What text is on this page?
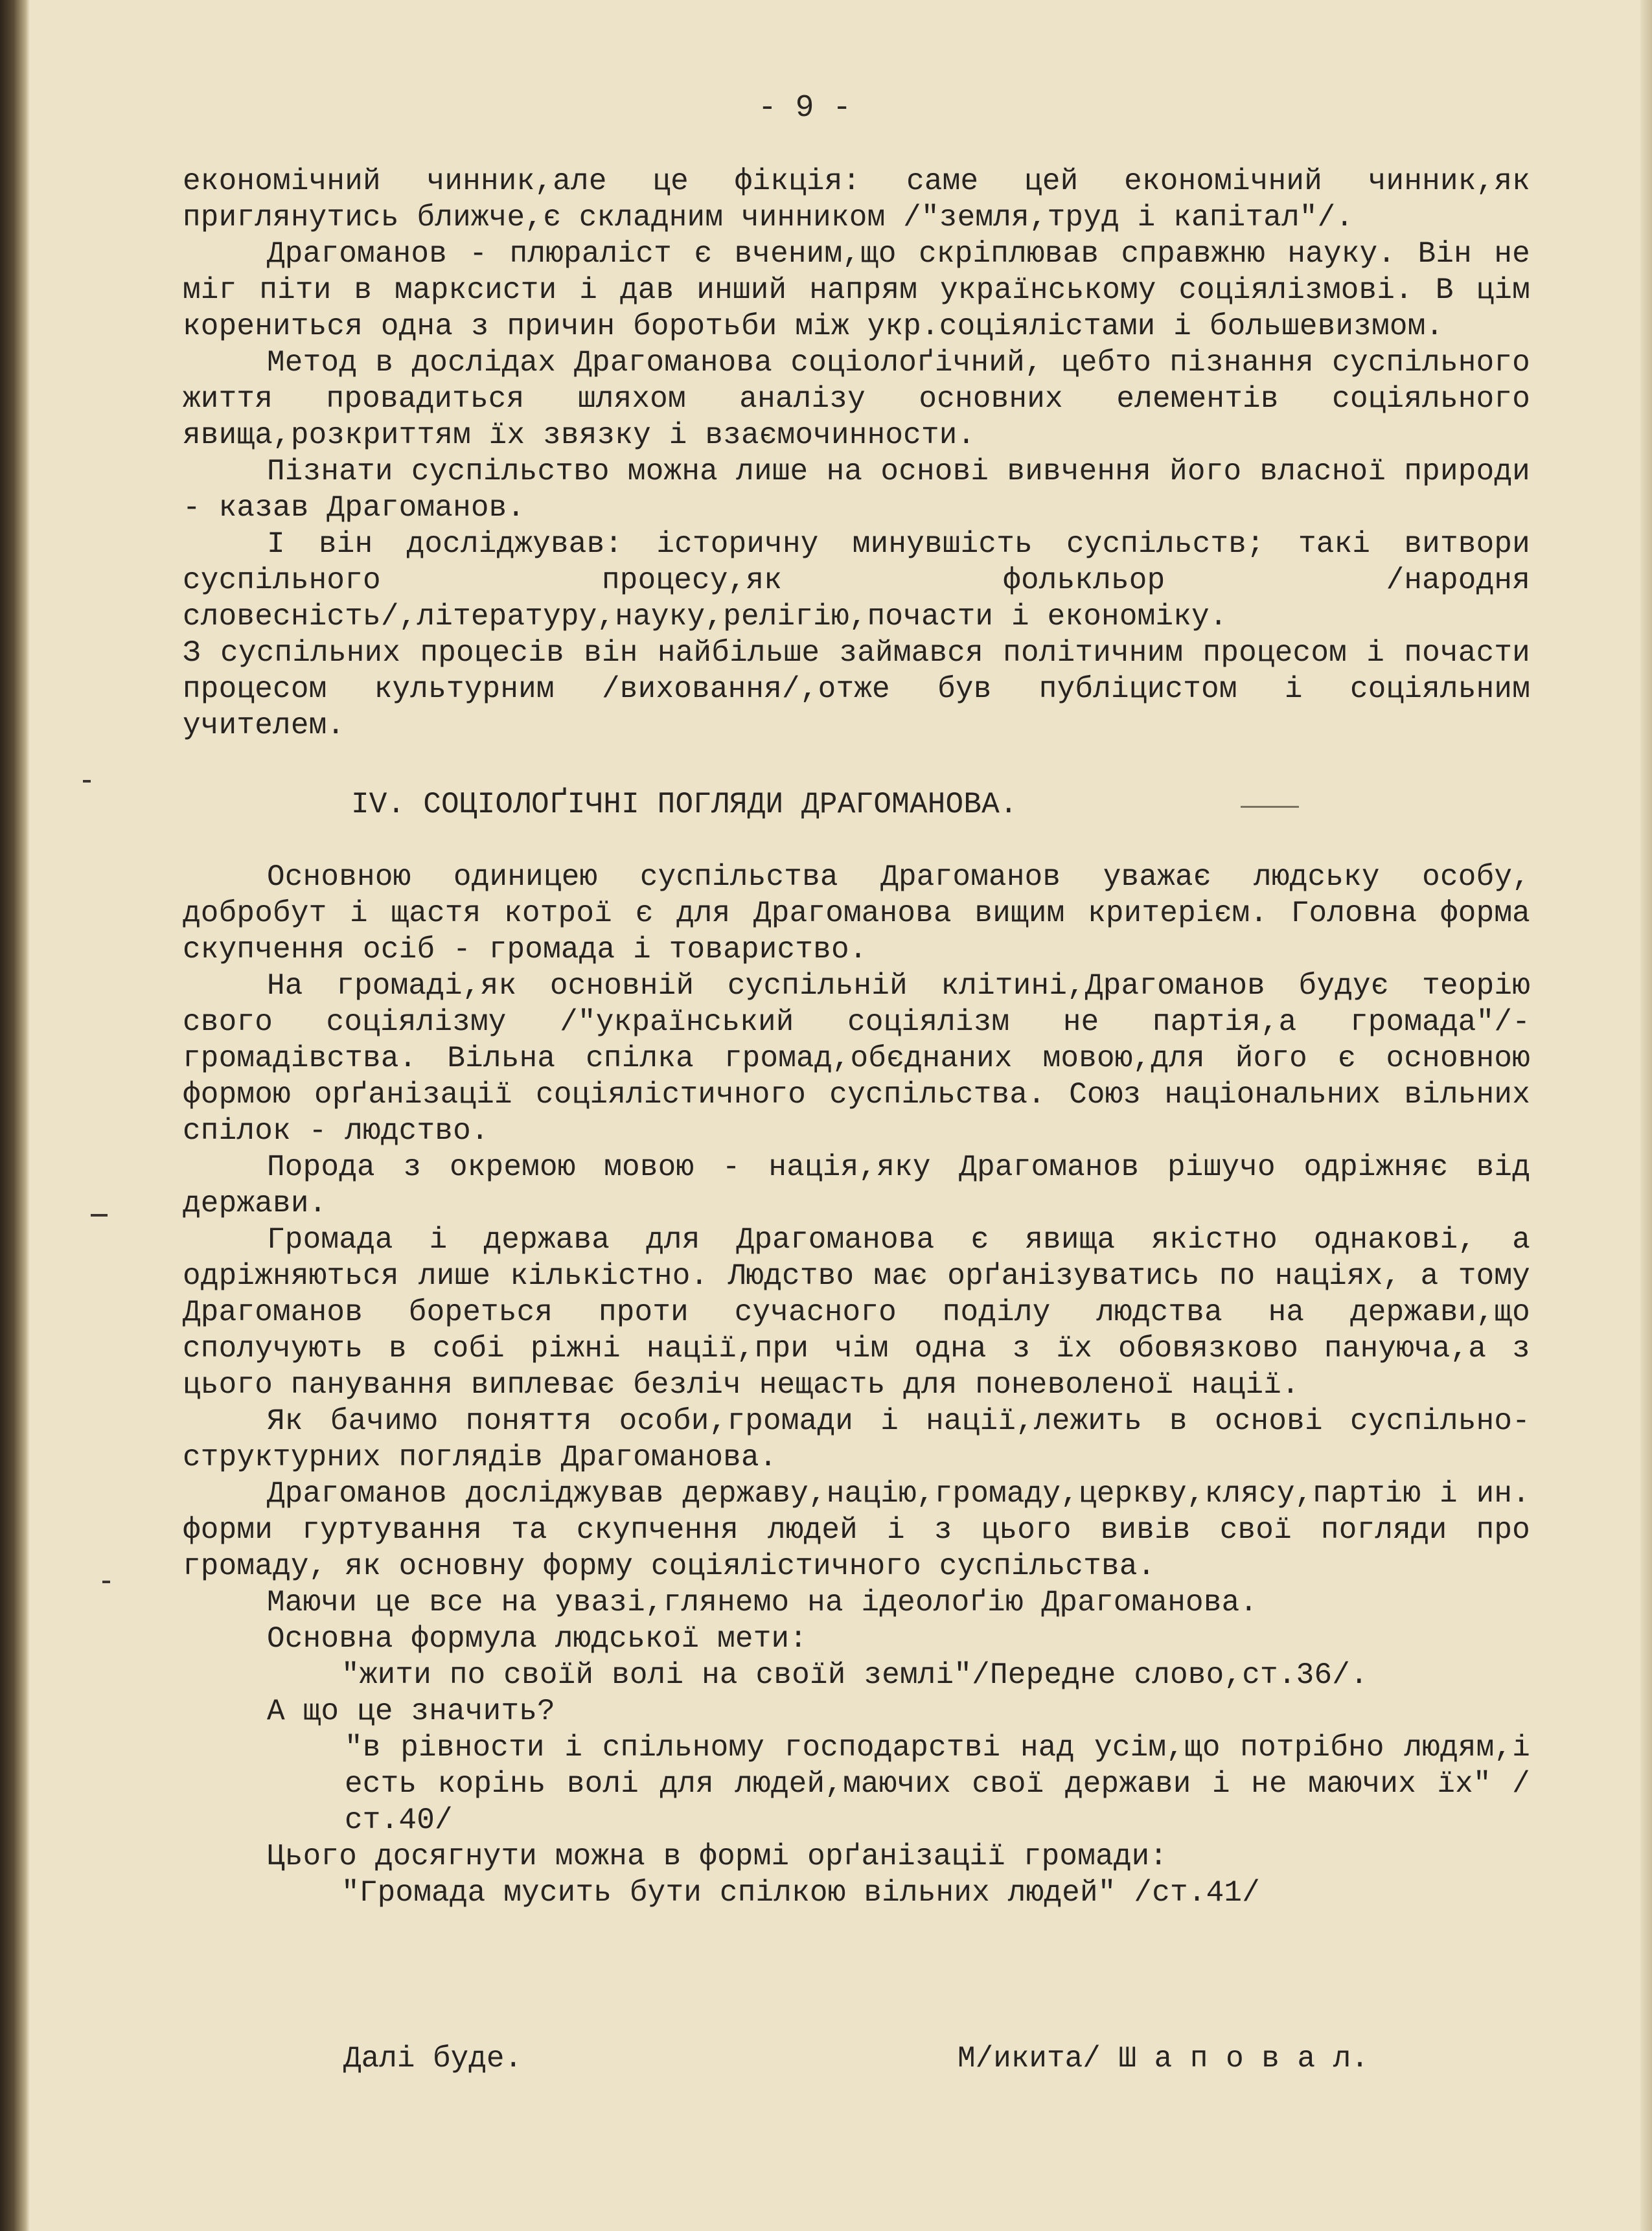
- 9 -

економічний чинник,але це фікція: саме цей економічний чинник,як приглянутись ближче,є складним чинником /"земля,труд і капітал"/.

Драгоманов - плюраліст є вченим,що скріплював справжню науку. Він не міг піти в марксисти і дав инший напрям українському соціялізмові. В цім корениться одна з причин боротьби між укр.соціялістами і большевизмом.

Метод в дослідах Драгоманова соціолоґічний, цебто пізнання суспільного життя провадиться шляхом аналізу основних елементів соціяльного явища,розкриттям їх звязку і взаємочинности.

Пізнати суспільство можна лише на основі вивчення його власної природи - казав Драгоманов.

І він досліджував: історичну минувшість суспільств; такі витвори суспільного процесу,як фолькльор /народня словесність/,літературу,науку,релігію,почасти і економіку.

З суспільних процесів він найбільше займався політичним процесом і почасти процесом культурним /виховання/,отже був публіцистом і соціяльним учителем.

ІV. СОЦІОЛОҐІЧНІ ПОГЛЯДИ ДРАГОМАНОВА.

Основною одиницею суспільства Драгоманов уважає людську особу, добробут і щастя котрої є для Драгоманова вищим критерієм. Головна форма скупчення осіб - громада і товариство.

На громаді,як основній суспільній клітині,Драгоманов будує теорію свого соціялізму /"український соціялізм не партія,а громада"/- громадівства. Вільна спілка громад,обєднаних мовою,для його є основною формою орґанізації соціялістичного суспільства. Союз національних вільних спілок - людство.

Порода з окремою мовою - нація,яку Драгоманов рішучо одріжняє від держави.

Громада і держава для Драгоманова є явища якістно однакові, а одріжняються лише кількістно. Людство має орґанізуватись по націях, а тому Драгоманов бореться проти сучасного поділу людства на держави,що сполучують в собі ріжні нації,при чім одна з їх обовязково пануюча,а з цього панування виплеває безліч нещасть для поневоленої нації.

Як бачимо поняття особи,громади і нації,лежить в основі суспільно-структурних поглядів Драгоманова.

Драгоманов досліджував державу,націю,громаду,церкву,клясу,партію і ин. форми гуртування та скупчення людей і з цього вивів свої погляди про громаду, як основну форму соціялістичного суспільства.

Маючи це все на увазі,глянемо на ідеолоґію Драгоманова.

Основна формула людської мети:

"жити по своїй волі на своїй землі"/Передне слово,ст.36/.

А що це значить?

"в рівности і спільному господарстві над усім,що потрібно людям,і есть корінь волі для людей,маючих свої держави і не маючих їх" /ст.40/

Цього досягнути можна в формі орґанізації громади:

"Громада мусить бути спілкою вільних людей" /ст.41/

Далі буде.	М/икита/ Ш а п о в а л.
